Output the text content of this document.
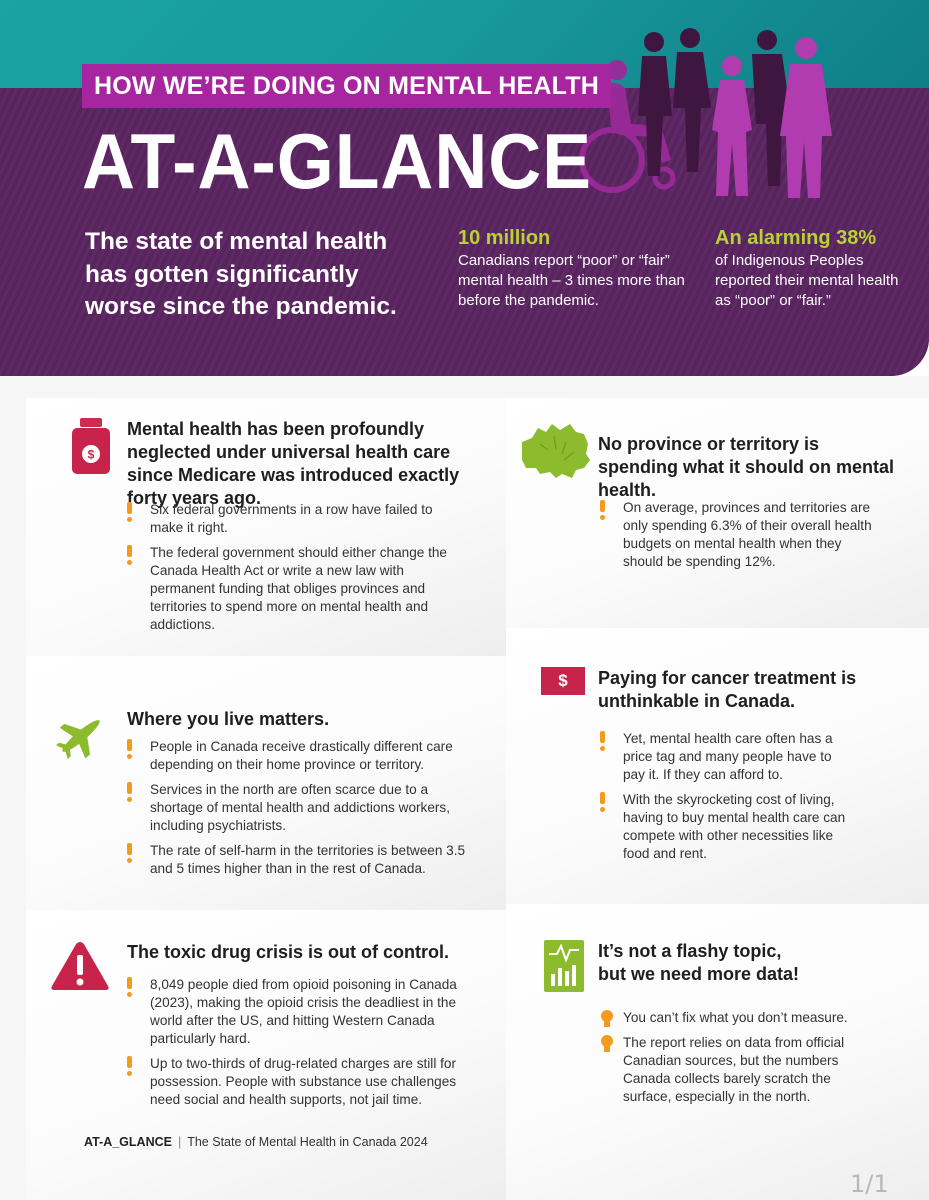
HOW WE’RE DOING ON MENTAL HEALTH
AT-A-GLANCE
The state of mental health has gotten significantly worse since the pandemic.
10 million
Canadians report “poor” or “fair” mental health – 3 times more than before the pandemic.
An alarming 38%
of Indigenous Peoples reported their mental health as “poor” or “fair.”
$
Mental health has been profoundly neglected under universal health care since Medicare was introduced exactly forty years ago.
Six federal governments in a row have failed to make it right.
The federal government should either change the Canada Health Act or write a new law with permanent funding that obliges provinces and territories to spend more on mental health and addictions.
No province or territory is spending what it should on mental health.
On average, provinces and territories are only spending 6.3% of their overall health budgets on mental health when they should be spending 12%.
Where you live matters.
People in Canada receive drastically different care depending on their home province or territory.
Services in the north are often scarce due to a shortage of mental health and addictions workers, including psychiatrists.
The rate of self-harm in the territories is between 3.5 and 5 times higher than in the rest of Canada.
$	Paying for cancer treatment is unthinkable in Canada.
Yet, mental health care often has a price tag and many people have to pay it. If they can afford to.
With the skyrocketing cost of living, having to buy mental health care can compete with other necessities like food and rent.
The toxic drug crisis is out of control.
8,049 people died from opioid poisoning in Canada (2023), making the opioid crisis the deadliest in the world after the US, and hitting Western Canada particularly hard.
Up to two-thirds of drug-related charges are still for possession. People with substance use challenges need social and health supports, not jail time.
It’s not a flashy topic,
but we need more data!
You can’t fix what you don’t measure.
The report relies on data from official Canadian sources, but the numbers Canada collects barely scratch the surface, especially in the north.
AT-A_GLANCE | The State of Mental Health in Canada 2024
1/1
